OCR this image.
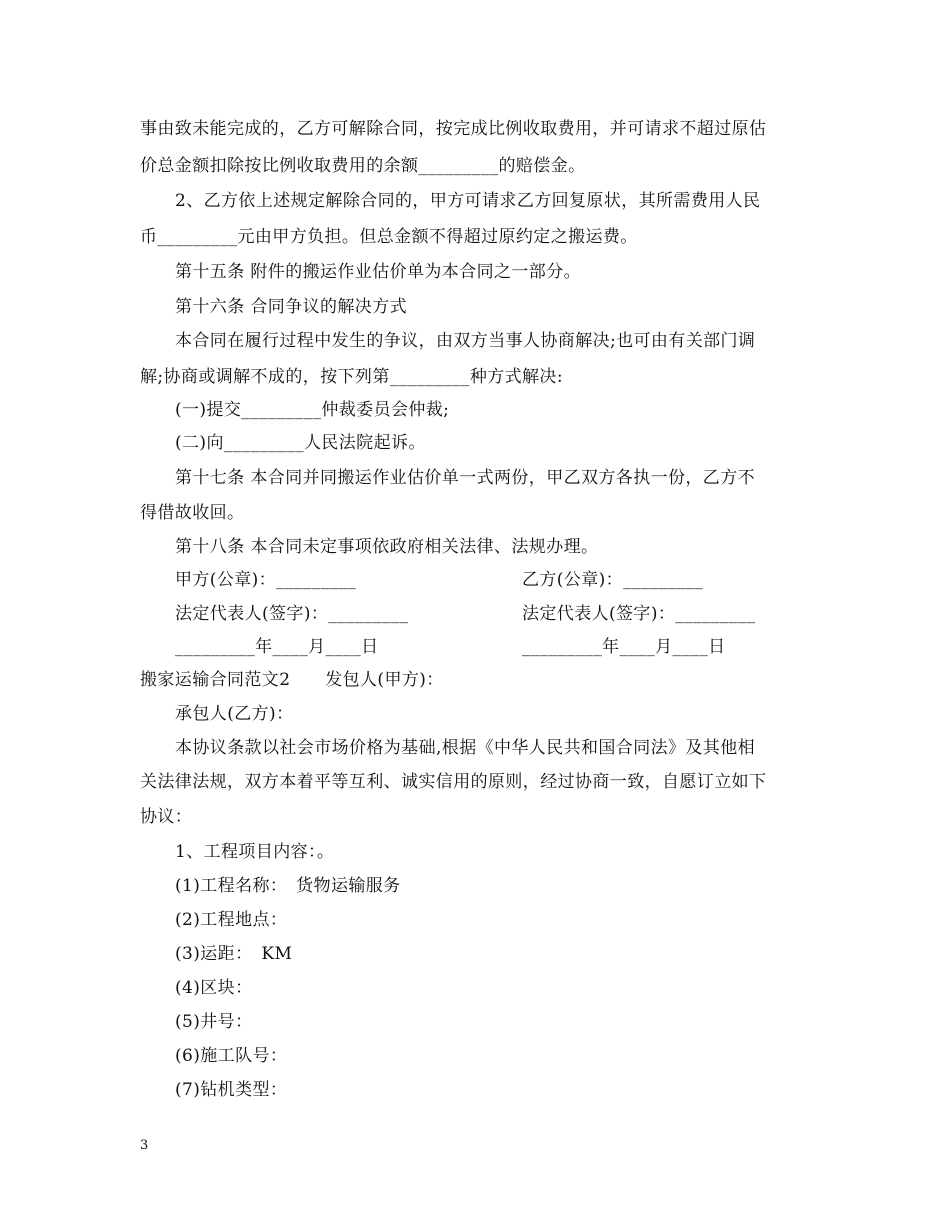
事由致未能完成的，乙方可解除合同，按完成比例收取费用，并可请求不超过原估
价总金额扣除按比例收取费用的余额_________的赔偿金。
2、乙方依上述规定解除合同的，甲方可请求乙方回复原状，其所需费用人民
币_________元由甲方负担。但总金额不得超过原约定之搬运费。
第十五条 附件的搬运作业估价单为本合同之一部分。
第十六条 合同争议的解决方式
本合同在履行过程中发生的争议，由双方当事人协商解决;也可由有关部门调
解;协商或调解不成的，按下列第_________种方式解决:
(一)提交_________仲裁委员会仲裁;
(二)向_________人民法院起诉。
第十七条 本合同并同搬运作业估价单一式两份，甲乙双方各执一份，乙方不
得借故收回。
第十八条 本合同未定事项依政府相关法律、法规办理。
甲方(公章)：_________	乙方(公章)：_________
法定代表人(签字)：_________	法定代表人(签字)：_________
_________年____月____日	_________年____月____日
搬家运输合同范文2　　发包人(甲方)：
承包人(乙方)：
本协议条款以社会市场价格为基础,根据《中华人民共和国合同法》及其他相
关法律法规，双方本着平等互利、诚实信用的原则，经过协商一致，自愿订立如下
协议：
1、工程项目内容：。
(1)工程名称：　货物运输服务
(2)工程地点：
(3)运距：　KM
(4)区块：
(5)井号：
(6)施工队号：
(7)钻机类型：
3
